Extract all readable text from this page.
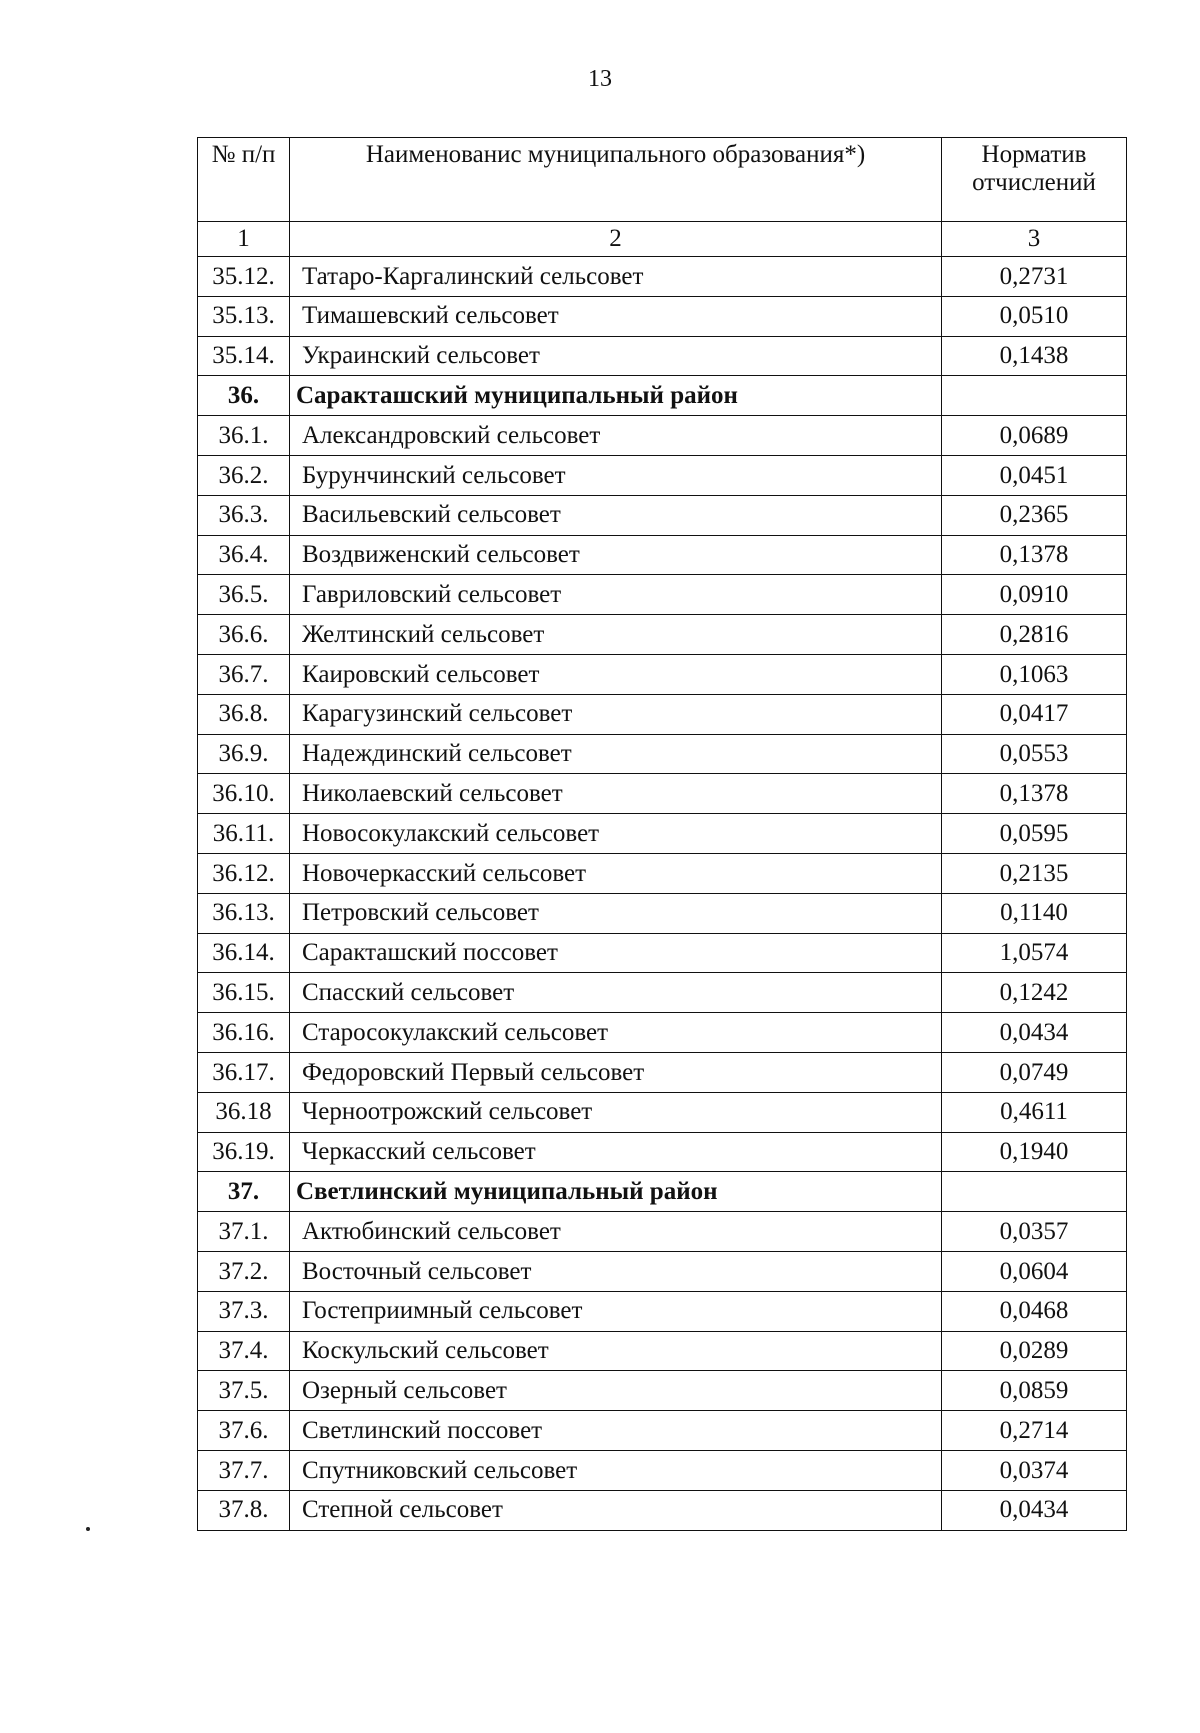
13
№ п/п	Наименованис муниципального образования*)	Норматив отчислений
1	2	3
35.12.	Татаро-Каргалинский сельсовет	0,2731
35.13.	Тимашевский сельсовет	0,0510
35.14.	Украинский сельсовет	0,1438
36.	Саракташский муниципальный район	
36.1.	Александровский сельсовет	0,0689
36.2.	Бурунчинский сельсовет	0,0451
36.3.	Васильевский сельсовет	0,2365
36.4.	Воздвиженский сельсовет	0,1378
36.5.	Гавриловский сельсовет	0,0910
36.6.	Желтинский сельсовет	0,2816
36.7.	Каировский сельсовет	0,1063
36.8.	Карагузинский сельсовет	0,0417
36.9.	Надеждинский сельсовет	0,0553
36.10.	Николаевский сельсовет	0,1378
36.11.	Новосокулакский сельсовет	0,0595
36.12.	Новочеркасский сельсовет	0,2135
36.13.	Петровский сельсовет	0,1140
36.14.	Саракташский поссовет	1,0574
36.15.	Спасский сельсовет	0,1242
36.16.	Старосокулакский сельсовет	0,0434
36.17.	Федоровский Первый сельсовет	0,0749
36.18	Черноотрожский сельсовет	0,4611
36.19.	Черкасский сельсовет	0,1940
37.	Светлинский муниципальный район	
37.1.	Актюбинский сельсовет	0,0357
37.2.	Восточный сельсовет	0,0604
37.3.	Гостеприимный сельсовет	0,0468
37.4.	Коскульский сельсовет	0,0289
37.5.	Озерный сельсовет	0,0859
37.6.	Светлинский поссовет	0,2714
37.7.	Спутниковский сельсовет	0,0374
37.8.	Степной сельсовет	0,0434
